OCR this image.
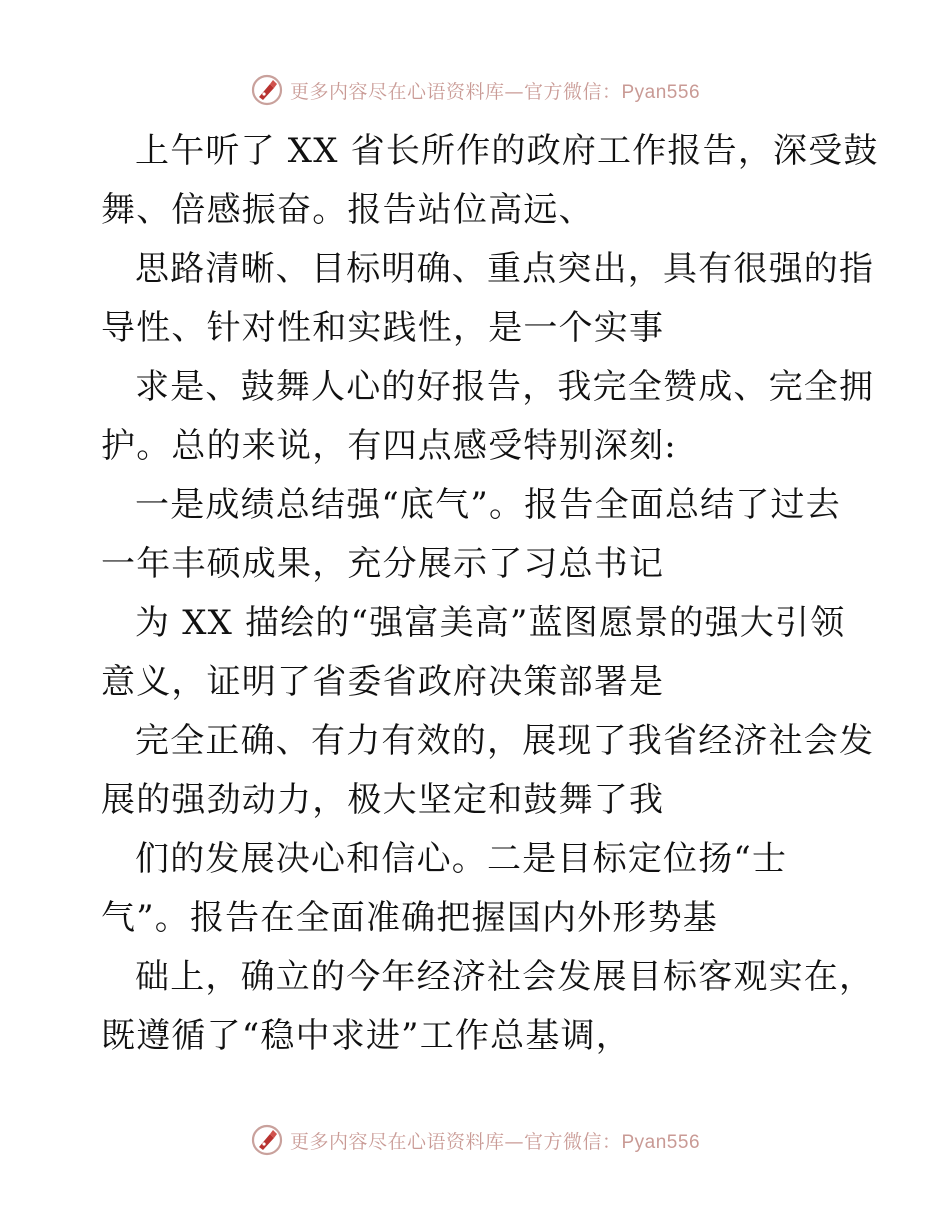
更多内容尽在心语资料库—官方微信：Pyan556
上午听了 XX 省长所作的政府工作报告，深受鼓
舞、倍感振奋。报告站位高远、
思路清晰、目标明确、重点突出，具有很强的指
导性、针对性和实践性，是一个实事
求是、鼓舞人心的好报告，我完全赞成、完全拥
护。总的来说，有四点感受特别深刻:
一是成绩总结强“底气”。报告全面总结了过去
一年丰硕成果，充分展示了习总书记
为 XX 描绘的“强富美高”蓝图愿景的强大引领
意义，证明了省委省政府决策部署是
完全正确、有力有效的，展现了我省经济社会发
展的强劲动力，极大坚定和鼓舞了我
们的发展决心和信心。二是目标定位扬“士
气”。报告在全面准确把握国内外形势基
础上，确立的今年经济社会发展目标客观实在，
既遵循了“稳中求进”工作总基调，
更多内容尽在心语资料库—官方微信：Pyan556
